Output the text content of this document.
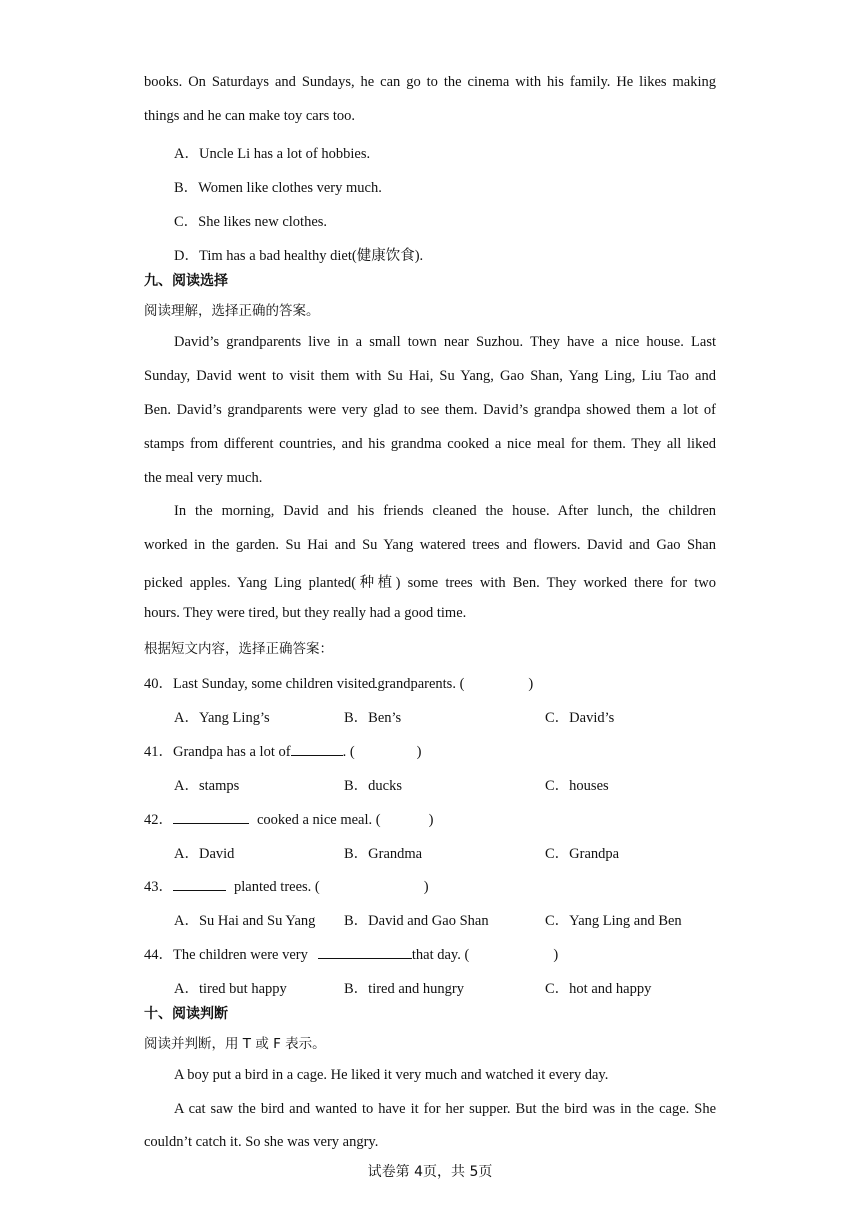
books. On Saturdays and Sundays, he can go to the cinema with his family. He likes making
things and he can make toy cars too.
A．Uncle Li has a lot of hobbies.
B．Women like clothes very much.
C．She likes new clothes.
D．Tim has a bad healthy diet(健康饮食).
九、阅读选择
阅读理解，选择正确的答案。
David’s grandparents live in a small town near Suzhou. They have a nice house. Last
Sunday, David went to visit them with Su Hai, Su Yang, Gao Shan, Yang Ling, Liu Tao and
Ben. David’s grandparents were very glad to see them. David’s grandpa showed them a lot of
stamps from different countries, and his grandma cooked a nice meal for them. They all liked
the meal very much.
In the morning, David and his friends cleaned the house. After lunch, the children
worked in the garden. Su Hai and Su Yang watered trees and flowers. David and Gao Shan
picked apples. Yang Ling planted(种植) some trees with Ben. They worked there for two
hours. They were tired, but they really had a good time.
根据短文内容，选择正确答案：
40．Last Sunday, some children visited grandparents. (	)
A．Yang Ling’s	B．Ben’s	C．David’s
41．Grandpa has a lot of	. (	)
A．stamps	B．ducks	C．houses
42．	cooked a nice meal. (	)
A．David	B．Grandma	C．Grandpa
43．	planted trees. (	)
A．Su Hai and Su Yang B．David and Gao Shan	C．Yang Ling and Ben
44．The children were very	that day. (	)
A．tired but happy	B．tired and hungry	C．hot and happy
十、阅读判断
阅读并判断，用 T 或 F 表示。
A boy put a bird in a cage. He liked it very much and watched it every day.
A cat saw the bird and wanted to have it for her supper. But the bird was in the cage. She
couldn’t catch it. So she was very angry.
试卷第 4页，共 5页
